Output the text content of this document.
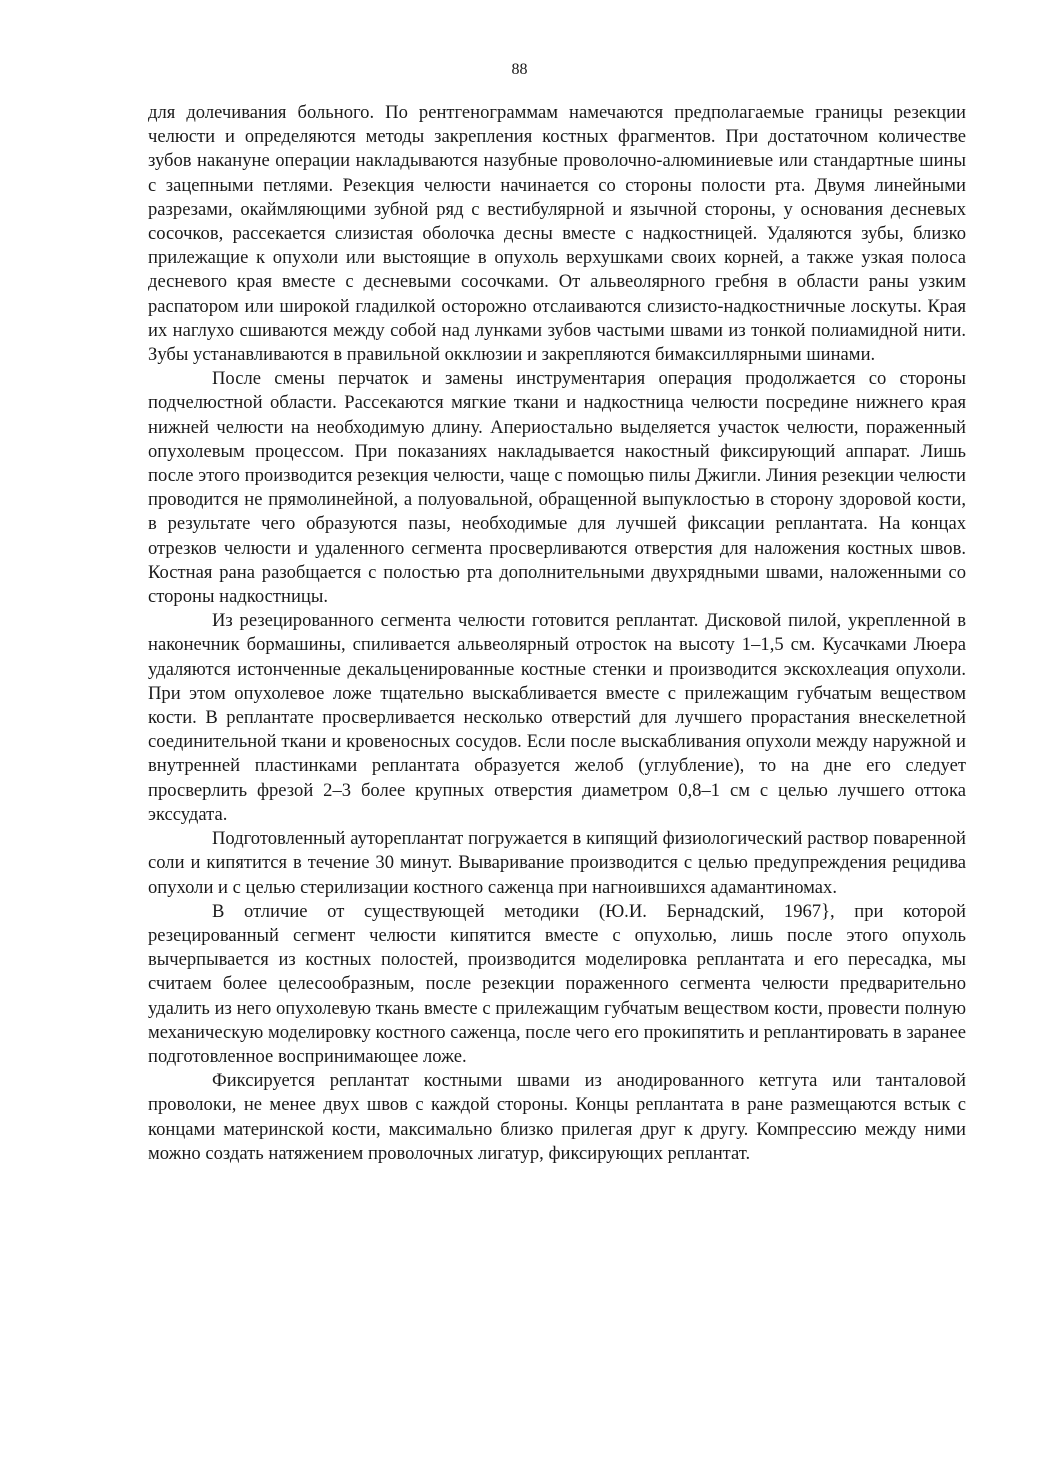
88

для долечивания больного. По рентгенограммам намечаются предполагаемые границы резекции челюсти и определяются методы закрепления костных фрагментов. При достаточном количестве зубов накануне операции накладываются назубные проволочно-алюминиевые или стандартные шины с зацепными петлями. Резекция челюсти начинается со стороны полости рта. Двумя линейными разрезами, окаймляющими зубной ряд с вестибулярной и язычной стороны, у основания десневых сосочков, рассекается слизистая оболочка десны вместе с надкостницей. Удаляются зубы, близко прилежащие к опухоли или выстоящие в опухоль верхушками своих корней, а также узкая полоса десневого края вместе с десневыми сосочками. От альвеолярного гребня в области раны узким распатором или широкой гладилкой осторожно отслаиваются слизисто-надкостничные лоскуты. Края их наглухо сшиваются между собой над лунками зубов частыми швами из тонкой полиамидной нити. Зубы устанавливаются в правильной окклюзии и закрепляются бимаксиллярными шинами.

После смены перчаток и замены инструментария операция продолжается со стороны подчелюстной области. Рассекаются мягкие ткани и надкостница челюсти посредине нижнего края нижней челюсти на необходимую длину. Апериостально выделяется участок челюсти, пораженный опухолевым процессом. При показаниях накладывается накостный фиксирующий аппарат. Лишь после этого производится резекция челюсти, чаще с помощью пилы Джигли. Линия резекции челюсти проводится не прямолинейной, а полуовальной, обращенной выпуклостью в сторону здоровой кости, в результате чего образуются пазы, необходимые для лучшей фиксации реплантата. На концах отрезков челюсти и удаленного сегмента просверливаются отверстия для наложения костных швов. Костная рана разобщается с полостью рта дополнительными двухрядными швами, наложенными со стороны надкостницы.

Из резецированного сегмента челюсти готовится реплантат. Дисковой пилой, укрепленной в наконечник бормашины, спиливается альвеолярный отросток на высоту 1–1,5 см. Кусачками Люера удаляются истонченные декальценированные костные стенки и производится экскохлеация опухоли. При этом опухолевое ложе тщательно выскабливается вместе с прилежащим губчатым веществом кости. В реплантате просверливается несколько отверстий для лучшего прорастания внескелетной соединительной ткани и кровеносных сосудов. Если после выскабливания опухоли между наружной и внутренней пластинками реплантата образуется желоб (углубление), то на дне его следует просверлить фрезой 2–3 более крупных отверстия диаметром 0,8–1 см с целью лучшего оттока экссудата.

Подготовленный аутореплантат погружается в кипящий физиологический раствор поваренной соли и кипятится в течение 30 минут. Вываривание производится с целью предупреждения рецидива опухоли и с целью стерилизации костного саженца при нагноившихся адамантиномах.

В отличие от существующей методики (Ю.И. Бернадский, 1967}, при которой резецированный сегмент челюсти кипятится вместе с опухолью, лишь после этого опухоль вычерпывается из костных полостей, производится моделировка реплантата и его пересадка, мы считаем более целесообразным, после резекции пораженного сегмента челюсти предварительно удалить из него опухолевую ткань вместе с прилежащим губчатым веществом кости, провести полную механическую моделировку костного саженца, после чего его прокипятить и реплантировать в заранее подготовленное воспринимающее ложе.

Фиксируется реплантат костными швами из анодированного кетгута или танталовой проволоки, не менее двух швов с каждой стороны. Концы реплантата в ране размещаются встык с концами материнской кости, максимально близко прилегая друг к другу. Компрессию между ними можно создать натяжением проволочных лигатур, фиксирующих реплантат.
